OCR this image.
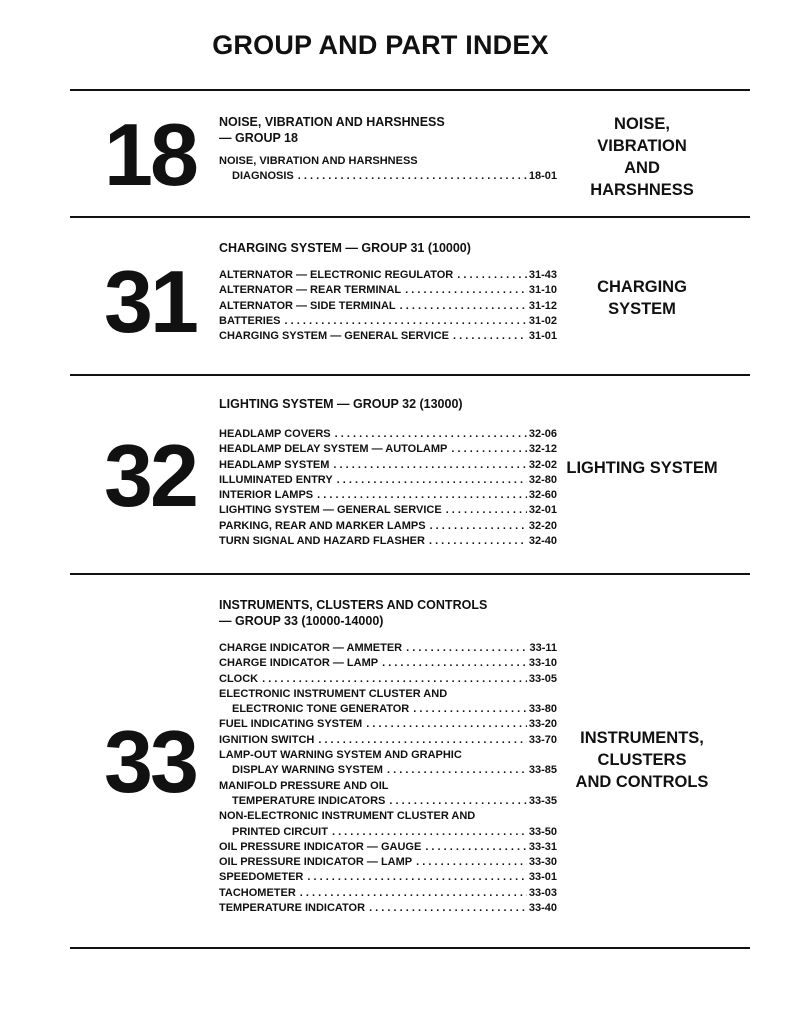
GROUP AND PART INDEX
18	NOISE, VIBRATION AND HARSHNESS
— GROUP 18
NOISE, VIBRATION AND HARSHNESS
DIAGNOSIS . . .	18-01
NOISE,
VIBRATION
AND
HARSHNESS
31
CHARGING SYSTEM — GROUP 31 (10000)
ALTERNATOR — ELECTRONIC REGULATOR . . .	31-43
ALTERNATOR — REAR TERMINAL . . .	31-10
ALTERNATOR — SIDE TERMINAL . . .	31-12
BATTERIES . . .	31-02
CHARGING SYSTEM — GENERAL SERVICE . . .	31-01
CHARGING
SYSTEM
32
LIGHTING SYSTEM — GROUP 32 (13000)
HEADLAMP COVERS . . .	32-06
HEADLAMP DELAY SYSTEM — AUTOLAMP . . .	32-12
HEADLAMP SYSTEM . . .	32-02
ILLUMINATED ENTRY . . .	32-80
INTERIOR LAMPS . . .	32-60
LIGHTING SYSTEM — GENERAL SERVICE . . .	32-01
PARKING, REAR AND MARKER LAMPS . . .	32-20
TURN SIGNAL AND HAZARD FLASHER . . .	32-40
LIGHTING SYSTEM
33
INSTRUMENTS, CLUSTERS AND CONTROLS
— GROUP 33 (10000-14000)
CHARGE INDICATOR — AMMETER . . .	33-11
CHARGE INDICATOR — LAMP . . .	33-10
CLOCK . . .	33-05
ELECTRONIC INSTRUMENT CLUSTER AND
ELECTRONIC TONE GENERATOR . . .	33-80
FUEL INDICATING SYSTEM . . .	33-20
IGNITION SWITCH . . .	33-70
LAMP-OUT WARNING SYSTEM AND GRAPHIC
DISPLAY WARNING SYSTEM . . .	33-85
MANIFOLD PRESSURE AND OIL
TEMPERATURE INDICATORS . . .	33-35
NON-ELECTRONIC INSTRUMENT CLUSTER AND
PRINTED CIRCUIT . . .	33-50
OIL PRESSURE INDICATOR — GAUGE . . .	33-31
OIL PRESSURE INDICATOR — LAMP . . .	33-30
SPEEDOMETER . . .	33-01
TACHOMETER . . .	33-03
TEMPERATURE INDICATOR . . .	33-40
INSTRUMENTS,
CLUSTERS
AND CONTROLS
